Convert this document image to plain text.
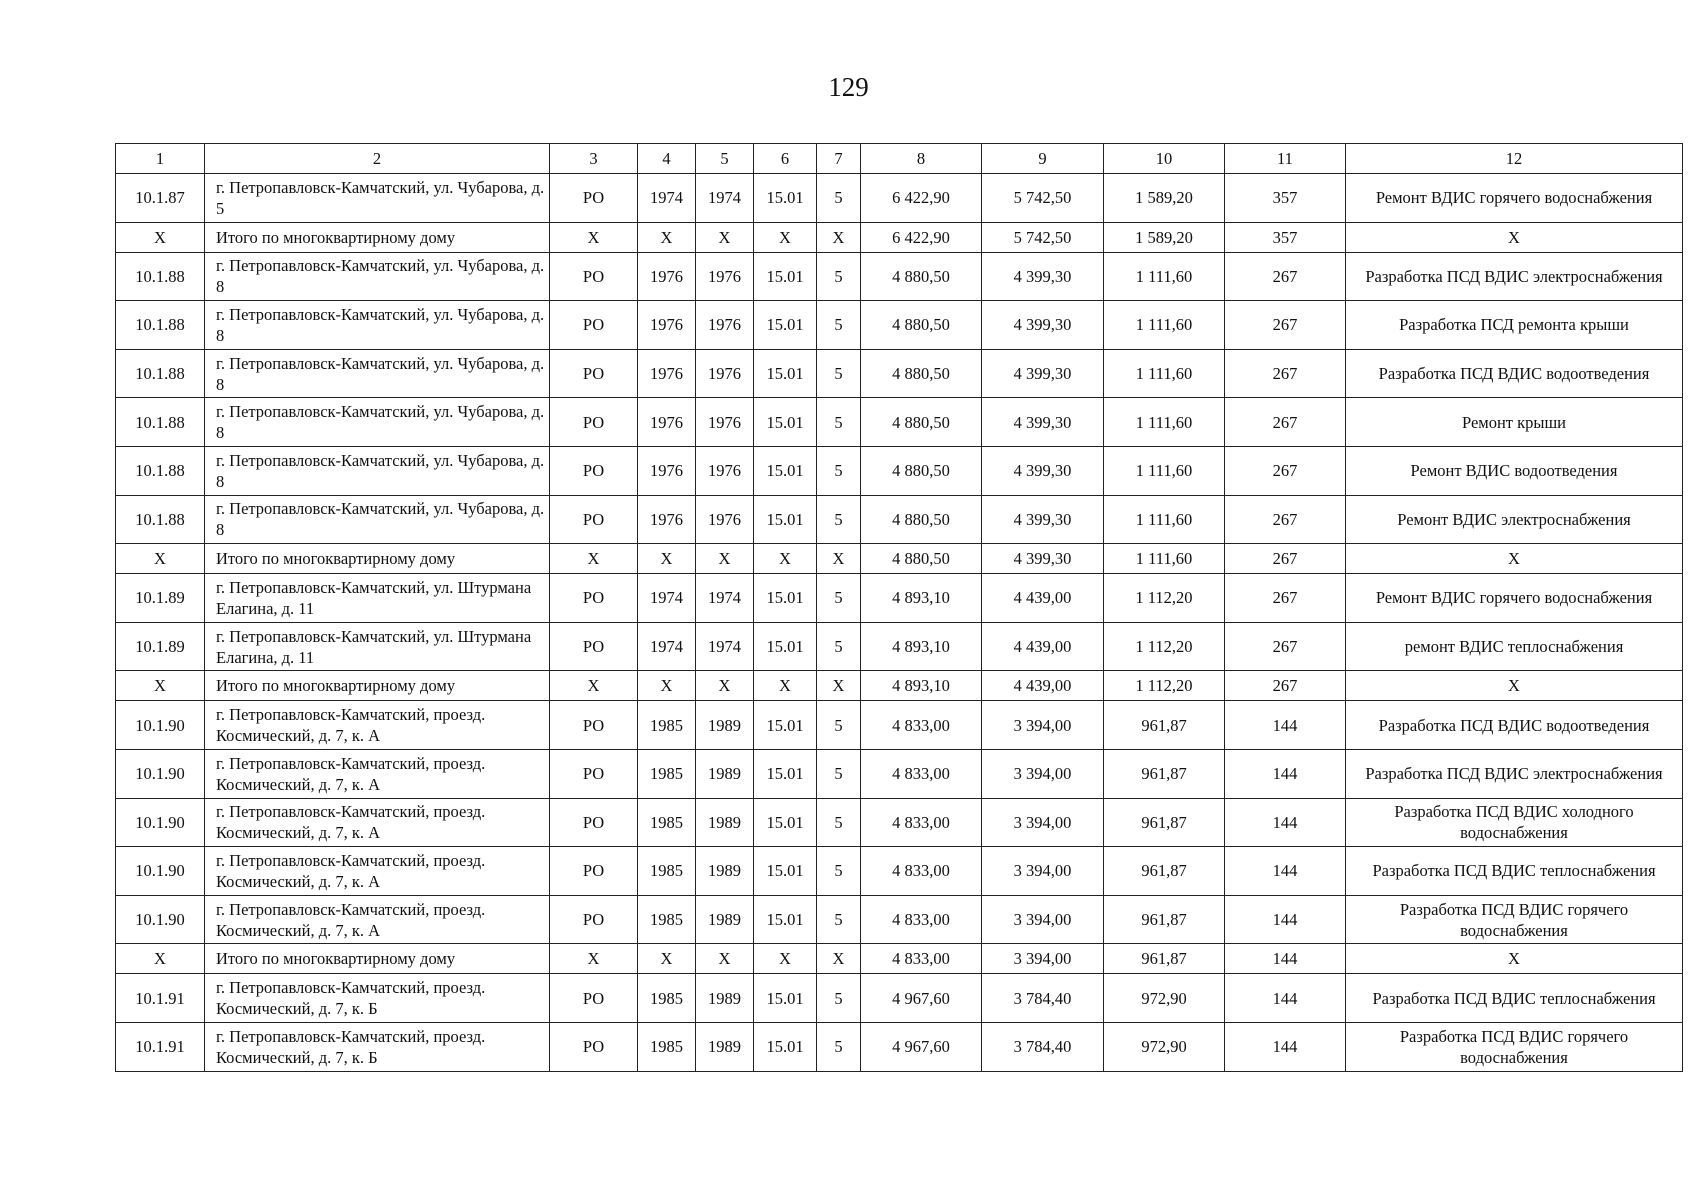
129
1	2	3	4	5	6	7	8	9	10	11	12
10.1.87	г. Петропавловск-Камчатский, ул. Чубарова, д. 5	РО	1974	1974	15.01	5	6 422,90	5 742,50	1 589,20	357	Ремонт ВДИС горячего водоснабжения
Х	Итого по многоквартирному дому	Х	Х	Х	Х	Х	6 422,90	5 742,50	1 589,20	357	Х
10.1.88	г. Петропавловск-Камчатский, ул. Чубарова, д. 8	РО	1976	1976	15.01	5	4 880,50	4 399,30	1 111,60	267	Разработка ПСД ВДИС электроснабжения
10.1.88	г. Петропавловск-Камчатский, ул. Чубарова, д. 8	РО	1976	1976	15.01	5	4 880,50	4 399,30	1 111,60	267	Разработка ПСД ремонта крыши
10.1.88	г. Петропавловск-Камчатский, ул. Чубарова, д. 8	РО	1976	1976	15.01	5	4 880,50	4 399,30	1 111,60	267	Разработка ПСД ВДИС водоотведения
10.1.88	г. Петропавловск-Камчатский, ул. Чубарова, д. 8	РО	1976	1976	15.01	5	4 880,50	4 399,30	1 111,60	267	Ремонт крыши
10.1.88	г. Петропавловск-Камчатский, ул. Чубарова, д. 8	РО	1976	1976	15.01	5	4 880,50	4 399,30	1 111,60	267	Ремонт ВДИС водоотведения
10.1.88	г. Петропавловск-Камчатский, ул. Чубарова, д. 8	РО	1976	1976	15.01	5	4 880,50	4 399,30	1 111,60	267	Ремонт ВДИС электроснабжения
Х	Итого по многоквартирному дому	Х	Х	Х	Х	Х	4 880,50	4 399,30	1 111,60	267	Х
10.1.89	г. Петропавловск-Камчатский, ул. Штурмана Елагина, д. 11	РО	1974	1974	15.01	5	4 893,10	4 439,00	1 112,20	267	Ремонт ВДИС горячего водоснабжения
10.1.89	г. Петропавловск-Камчатский, ул. Штурмана Елагина, д. 11	РО	1974	1974	15.01	5	4 893,10	4 439,00	1 112,20	267	ремонт ВДИС теплоснабжения
Х	Итого по многоквартирному дому	Х	Х	Х	Х	Х	4 893,10	4 439,00	1 112,20	267	Х
10.1.90	г. Петропавловск-Камчатский, проезд. Космический, д. 7, к. А	РО	1985	1989	15.01	5	4 833,00	3 394,00	961,87	144	Разработка ПСД ВДИС водоотведения
10.1.90	г. Петропавловск-Камчатский, проезд. Космический, д. 7, к. А	РО	1985	1989	15.01	5	4 833,00	3 394,00	961,87	144	Разработка ПСД ВДИС электроснабжения
10.1.90	г. Петропавловск-Камчатский, проезд. Космический, д. 7, к. А	РО	1985	1989	15.01	5	4 833,00	3 394,00	961,87	144	Разработка ПСД ВДИС холодного водоснабжения
10.1.90	г. Петропавловск-Камчатский, проезд. Космический, д. 7, к. А	РО	1985	1989	15.01	5	4 833,00	3 394,00	961,87	144	Разработка ПСД ВДИС теплоснабжения
10.1.90	г. Петропавловск-Камчатский, проезд. Космический, д. 7, к. А	РО	1985	1989	15.01	5	4 833,00	3 394,00	961,87	144	Разработка ПСД ВДИС горячего водоснабжения
Х	Итого по многоквартирному дому	Х	Х	Х	Х	Х	4 833,00	3 394,00	961,87	144	Х
10.1.91	г. Петропавловск-Камчатский, проезд. Космический, д. 7, к. Б	РО	1985	1989	15.01	5	4 967,60	3 784,40	972,90	144	Разработка ПСД ВДИС теплоснабжения
10.1.91	г. Петропавловск-Камчатский, проезд. Космический, д. 7, к. Б	РО	1985	1989	15.01	5	4 967,60	3 784,40	972,90	144	Разработка ПСД ВДИС горячего водоснабжения
